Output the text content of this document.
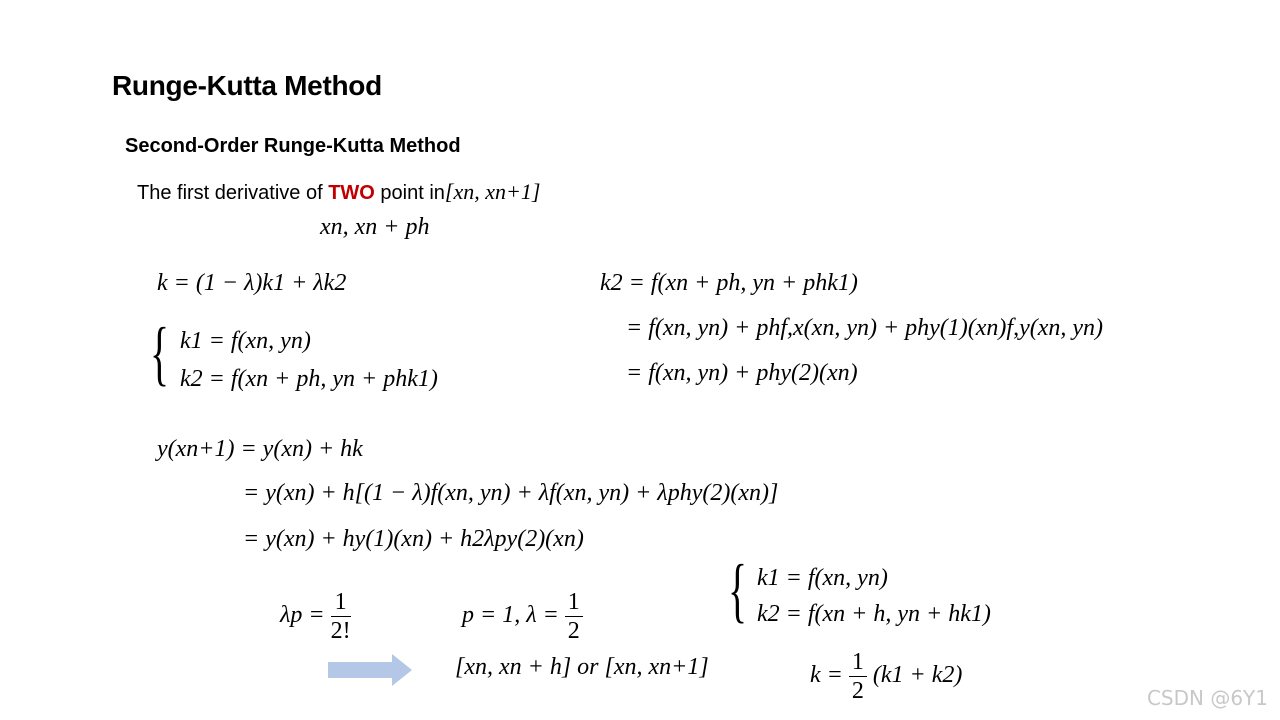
Runge-Kutta Method
Second-Order Runge-Kutta Method
The first derivative of TWO point in[xn, xn+1]
xn, xn + ph
k = (1 − λ)k1 + λk2
{ k1 = f(xn, yn)
k2 = f(xn + ph, yn + phk1)
k2 = f(xn + ph, yn + phk1)
= f(xn, yn) + phf,x(xn, yn) + phy(1)(xn)f,y(xn, yn)
= f(xn, yn) + phy(2)(xn)
y(xn+1) = y(xn) + hk
= y(xn) + h[(1 − λ)f(xn, yn) + λf(xn, yn) + λphy(2)(xn)]
= y(xn) + hy(1)(xn) + h2λpy(2)(xn)
$\lambda p = \frac{1}{2!}$	p = 1, $\lambda = \frac{1}{2}$ { k1 = f(xn, yn)
k2 = f(xn + h, yn + hk1)
[xn, xn + h] or [xn, xn+1]	$k = \frac{1}{2} (k1 + k2)$
CSDN @6Y1
